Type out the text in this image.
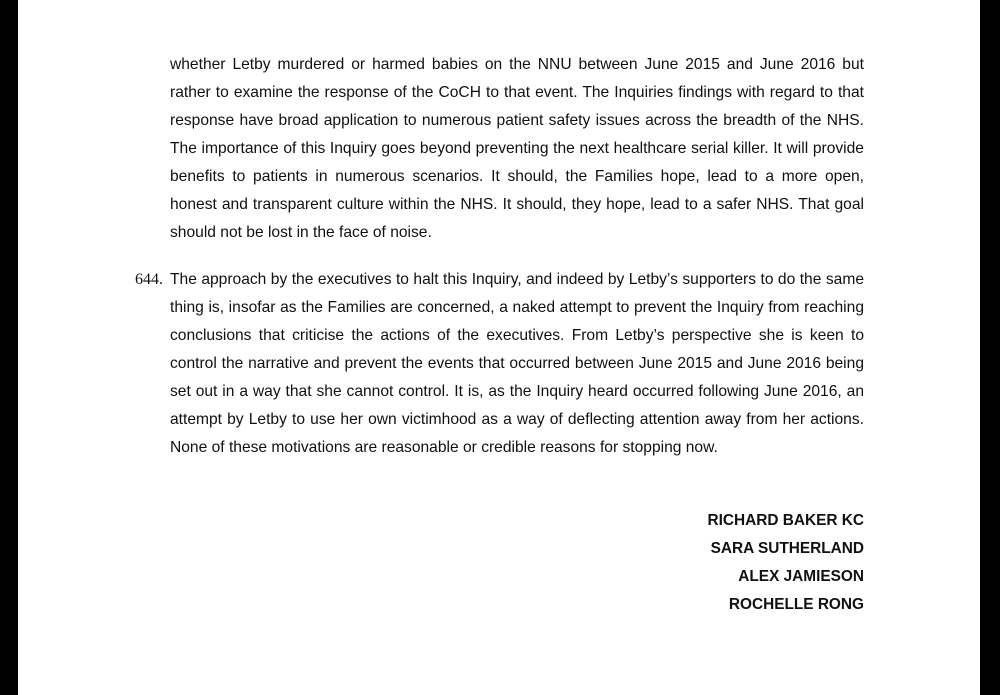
whether Letby murdered or harmed babies on the NNU between June 2015 and June 2016 but rather to examine the response of the CoCH to that event. The Inquiries findings with regard to that response have broad application to numerous patient safety issues across the breadth of the NHS. The importance of this Inquiry goes beyond preventing the next healthcare serial killer. It will provide benefits to patients in numerous scenarios. It should, the Families hope, lead to a more open, honest and transparent culture within the NHS. It should, they hope, lead to a safer NHS. That goal should not be lost in the face of noise.

644. The approach by the executives to halt this Inquiry, and indeed by Letby’s supporters to do the same thing is, insofar as the Families are concerned, a naked attempt to prevent the Inquiry from reaching conclusions that criticise the actions of the executives. From Letby’s perspective she is keen to control the narrative and prevent the events that occurred between June 2015 and June 2016 being set out in a way that she cannot control. It is, as the Inquiry heard occurred following June 2016, an attempt by Letby to use her own victimhood as a way of deflecting attention away from her actions. None of these motivations are reasonable or credible reasons for stopping now.

RICHARD BAKER KC
SARA SUTHERLAND
ALEX JAMIESON
ROCHELLE RONG
